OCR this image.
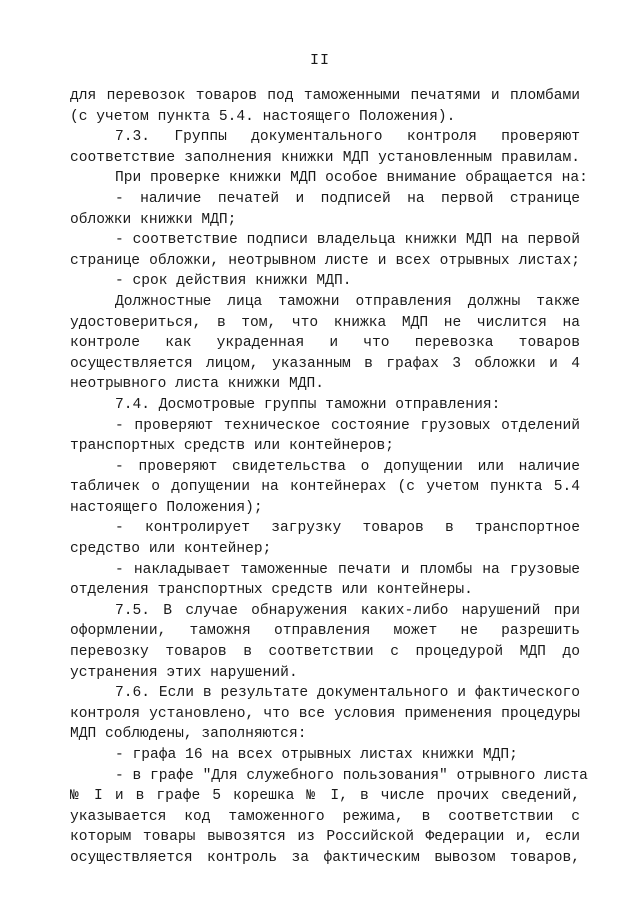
II
для перевозок товаров под таможенными печатями и пломбами
(с учетом пункта 5.4. настоящего Положения).
7.3. Группы документального контроля проверяют
соответствие заполнения книжки МДП установленным правилам.
При проверке книжки МДП особое внимание обращается на:
- наличие печатей и подписей на первой странице
обложки книжки МДП;
- соответствие подписи владельца книжки МДП на первой
странице обложки, неотрывном листе и всех отрывных листах;
- срок действия книжки МДП.
Должностные лица таможни отправления должны также
удостовериться, в том, что книжка МДП не числится на
контроле как украденная и что перевозка товаров
осуществляется лицом, указанным в графах 3 обложки и 4
неотрывного листа книжки МДП.
7.4. Досмотровые группы таможни отправления:
- проверяют техническое состояние грузовых отделений
транспортных средств или контейнеров;
- проверяют свидетельства о допущении или наличие
табличек о допущении на контейнерах (с учетом пункта 5.4
настоящего Положения);
- контролирует загрузку товаров в транспортное
средство или контейнер;
- накладывает таможенные печати и пломбы на грузовые
отделения транспортных средств или контейнеры.
7.5. В случае обнаружения каких-либо нарушений при
оформлении, таможня отправления может не разрешить
перевозку товаров в соответствии с процедурой МДП до
устранения этих нарушений.
7.6. Если в результате документального и фактического
контроля установлено, что все условия применения процедуры
МДП соблюдены, заполняются:
- графа 16 на всех отрывных листах книжки МДП;
- в графе "Для служебного пользования" отрывного листа
№ I и в графе 5 корешка № I, в числе прочих сведений,
указывается код таможенного режима, в соответствии с
которым товары вывозятся из Российской Федерации и, если
осуществляется контроль за фактическим вывозом товаров,
